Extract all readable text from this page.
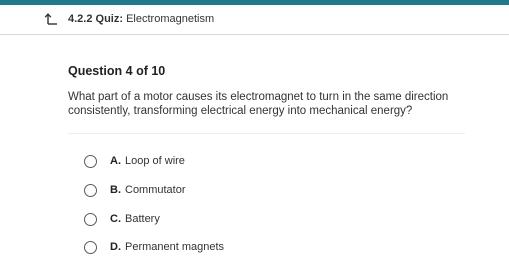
4.2.2 Quiz: Electromagnetism
Question 4 of 10
What part of a motor causes its electromagnet to turn in the same direction consistently, transforming electrical energy into mechanical energy?
A. Loop of wire
B. Commutator
C. Battery
D. Permanent magnets
